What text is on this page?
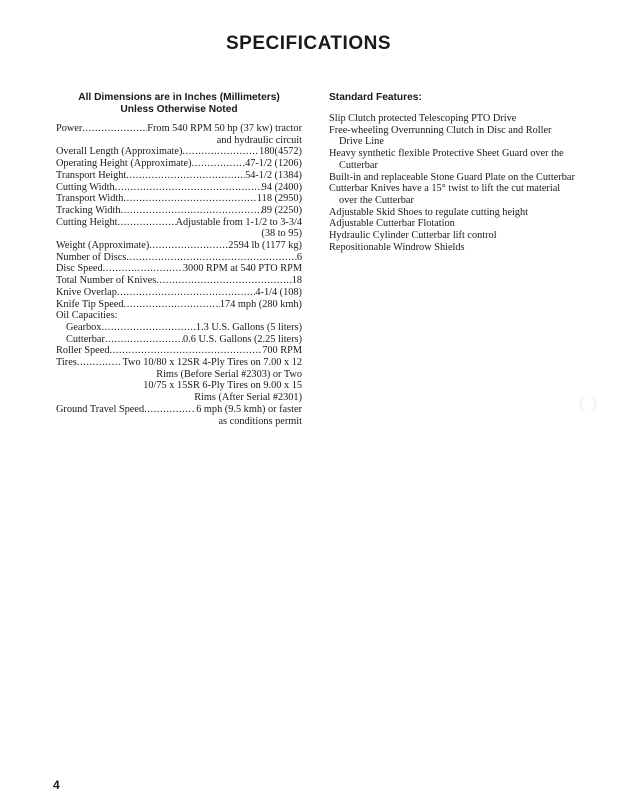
SPECIFICATIONS
All Dimensions are in Inches (Millimeters)
Unless Otherwise Noted
Power .....	From 540 RPM 50 hp (37 kw) tractor
and hydraulic circuit
Overall Length (Approximate) .....	180(4572)
Operating Height (Approximate) .....	47-1/2 (1206)
Transport Height .....	54-1/2 (1384)
Cutting Width .....	94 (2400)
Transport Width .....	118 (2950)
Tracking Width .....	89 (2250)
Cutting Height .....	Adjustable from 1-1/2 to 3-3/4
(38 to 95)
Weight (Approximate) .....	2594 lb (1177 kg)
Number of Discs .....	6
Disc Speed .....	3000 RPM at 540 PTO RPM
Total Number of Knives .....	18
Knive Overlap .....	4-1/4 (108)
Knife Tip Speed .....	174 mph (280 kmh)
Oil Capacities:
Gearbox .....	1.3 U.S. Gallons (5 liters)
Cutterbar .....	0.6 U.S. Gallons (2.25 liters)
Roller Speed .....	700 RPM
Tires .....	Two 10/80 x 12SR 4-Ply Tires on 7.00 x 12
Rims (Before Serial #2303) or Two
10/75 x 15SR 6-Ply Tires on 9.00 x 15
Rims (After Serial #2301)
Ground Travel Speed .....	6 mph (9.5 kmh) or faster
as conditions permit
Standard Features:
Slip Clutch protected Telescoping PTO Drive
Free-wheeling Overrunning Clutch in Disc and Roller Drive Line
Heavy synthetic flexible Protective Sheet Guard over the Cutterbar
Built-in and replaceable Stone Guard Plate on the Cutterbar
Cutterbar Knives have a 15° twist to lift the cut material over the Cutterbar
Adjustable Skid Shoes to regulate cutting height
Adjustable Cutterbar Flotation
Hydraulic Cylinder Cutterbar lift control
Repositionable Windrow Shields
4
